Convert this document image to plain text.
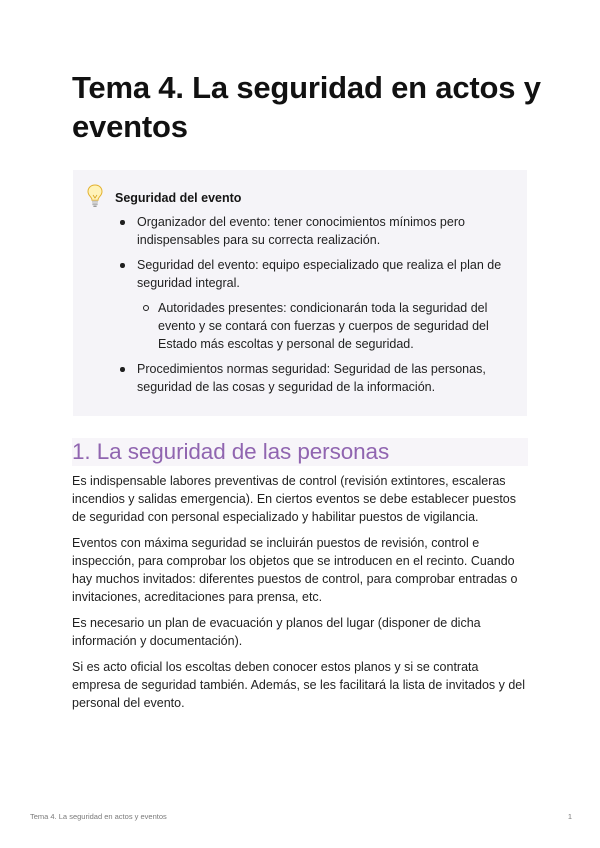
Tema 4. La seguridad en actos y eventos
Seguridad del evento
Organizador del evento: tener conocimientos mínimos pero indispensables para su correcta realización.
Seguridad del evento: equipo especializado que realiza el plan de seguridad integral.
Autoridades presentes: condicionarán toda la seguridad del evento y se contará con fuerzas y cuerpos de seguridad del Estado más escoltas y personal de seguridad.
Procedimientos normas seguridad: Seguridad de las personas, seguridad de las cosas y seguridad de la información.
1. La seguridad de las personas

Es indispensable labores preventivas de control (revisión extintores, escaleras incendios y salidas emergencia). En ciertos eventos se debe establecer puestos de seguridad con personal especializado y habilitar puestos de vigilancia.

Eventos con máxima seguridad se incluirán puestos de revisión, control e inspección, para comprobar los objetos que se introducen en el recinto. Cuando hay muchos invitados: diferentes puestos de control, para comprobar entradas o invitaciones, acreditaciones para prensa, etc.

Es necesario un plan de evacuación y planos del lugar (disponer de dicha información y documentación).

Si es acto oficial los escoltas deben conocer estos planos y si se contrata empresa de seguridad también. Además, se les facilitará la lista de invitados y del personal del evento.

Tema 4. La seguridad en actos y eventos	1
